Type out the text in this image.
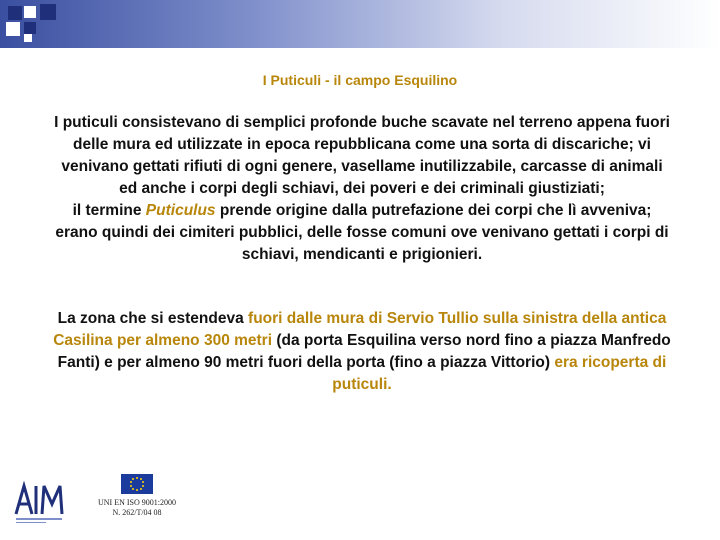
I Puticuli - il campo Esquilino
I puticuli consistevano di semplici profonde buche scavate nel terreno appena fuori delle mura ed utilizzate in epoca repubblicana come una sorta di discariche; vi venivano gettati rifiuti di ogni genere, vasellame inutilizzabile, carcasse di animali ed anche i corpi degli schiavi, dei poveri e dei criminali giustiziati;
il termine Puticulus prende origine dalla putrefazione dei corpi che lì avveniva; erano quindi dei cimiteri pubblici, delle fosse comuni ove venivano gettati i corpi di schiavi, mendicanti e prigionieri.
La zona che si estendeva fuori dalle mura di Servio Tullio sulla sinistra della antica Casilina per almeno 300 metri (da porta Esquilina verso nord fino a piazza Manfredo Fanti) e per almeno 90 metri fuori della porta (fino a piazza Vittorio) era ricoperta di puticuli.
UNI EN ISO 9001:2000
N. 262/T/04 08
